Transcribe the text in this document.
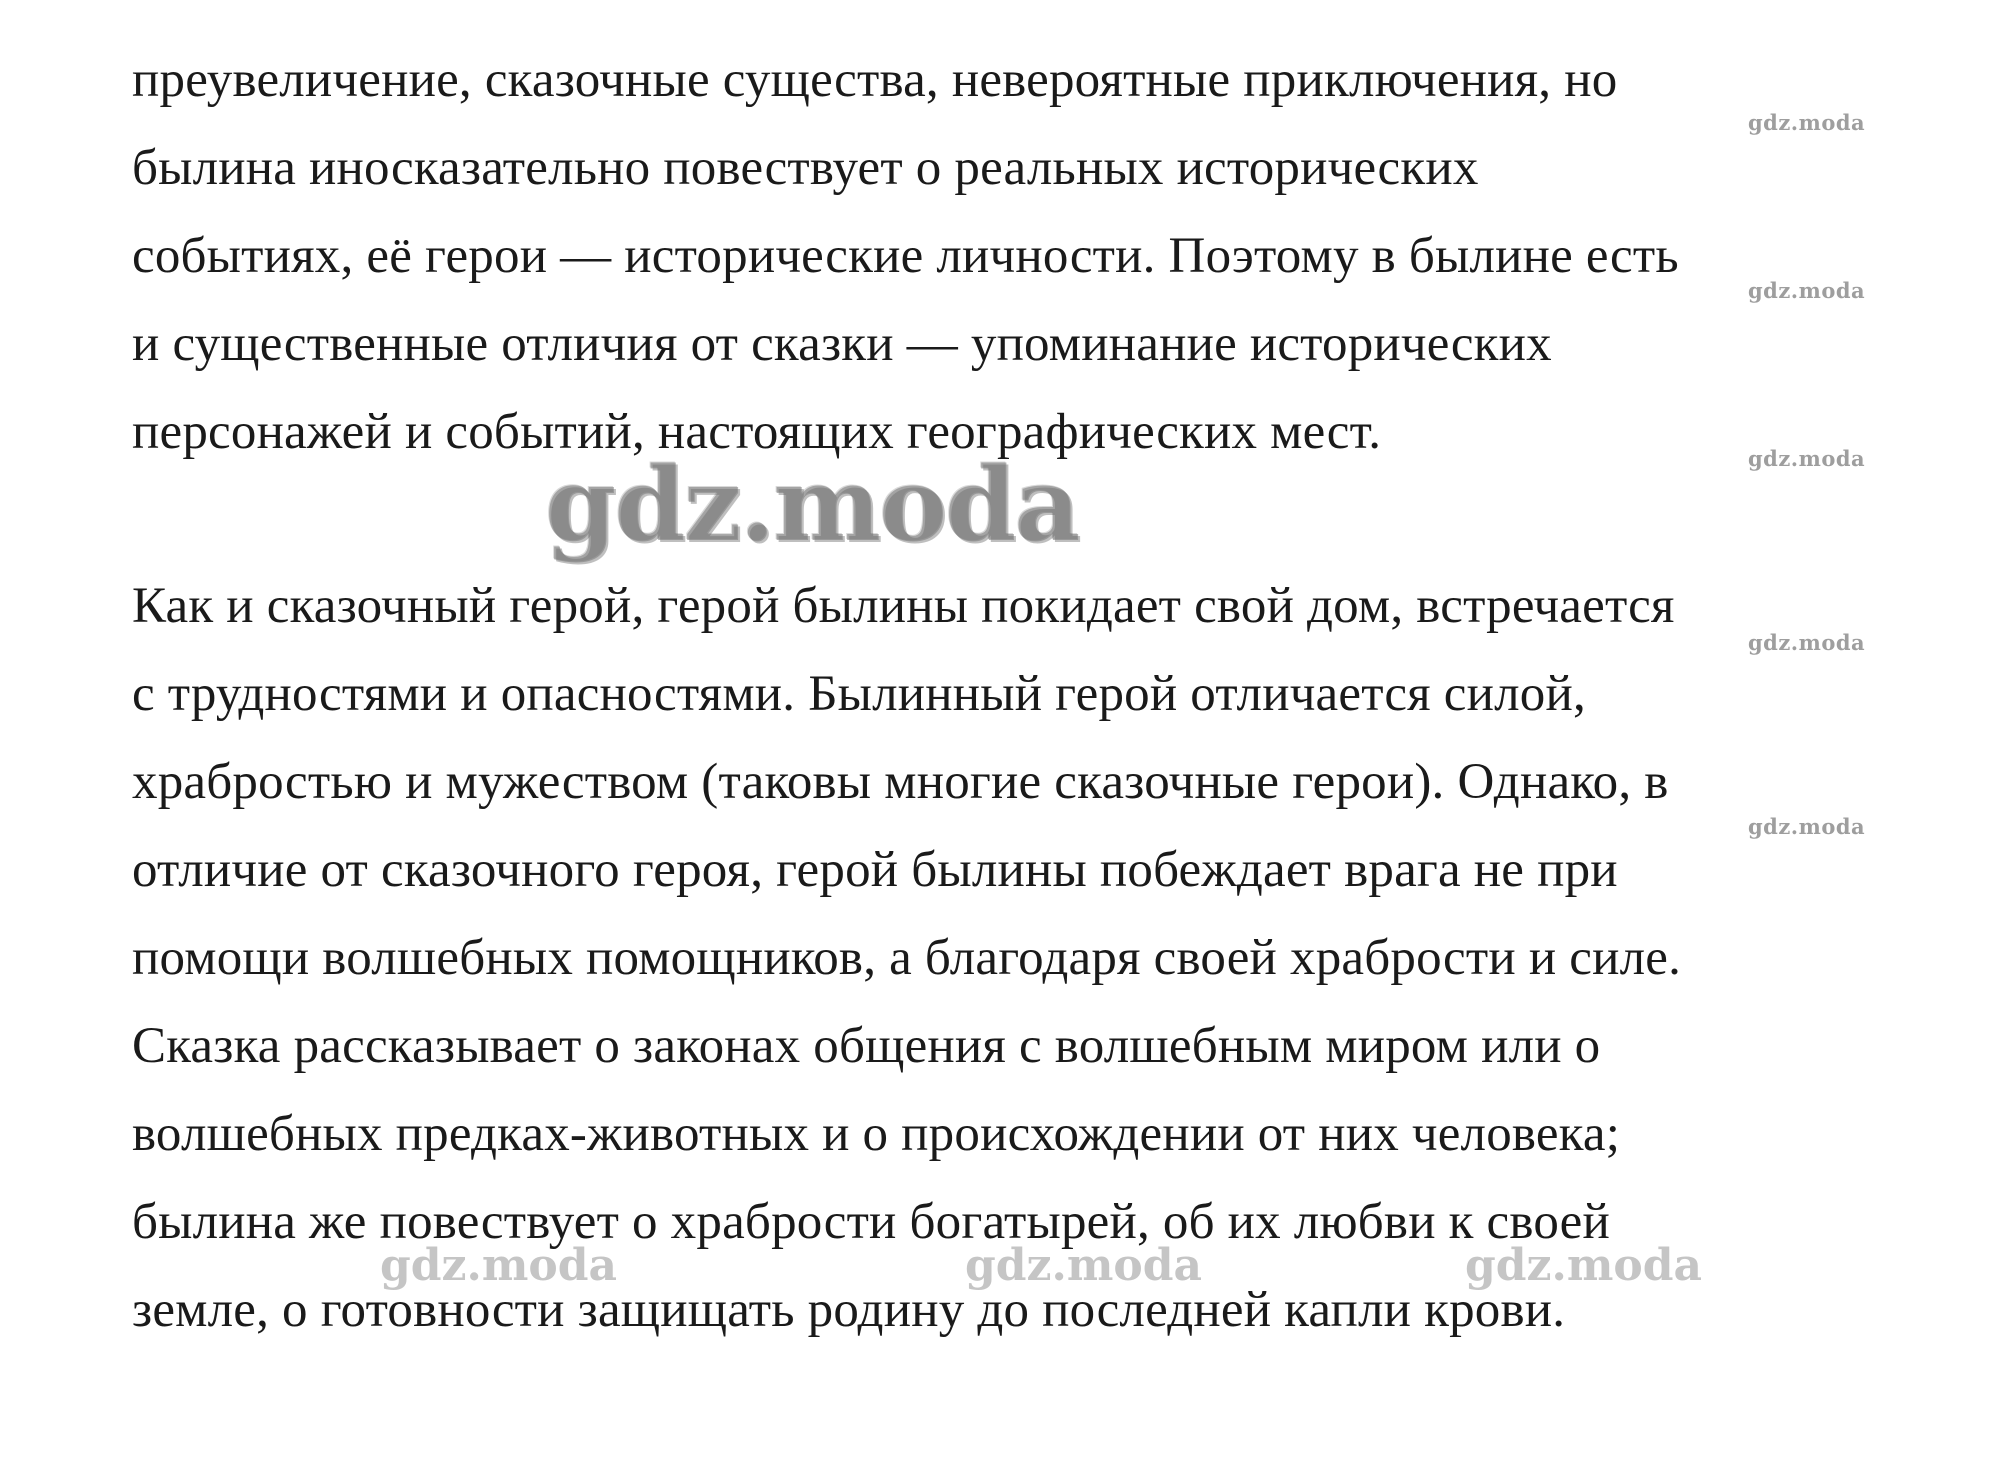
преувеличение, сказочные существа, невероятные приключения, но
былина иносказательно повествует о реальных исторических
событиях, её герои — исторические личности. Поэтому в былине есть
и существенные отличия от сказки — упоминание исторических
персонажей и событий, настоящих географических мест.
Как и сказочный герой, герой былины покидает свой дом, встречается
с трудностями и опасностями. Былинный герой отличается силой,
храбростью и мужеством (таковы многие сказочные герои). Однако, в
отличие от сказочного героя, герой былины побеждает врага не при
помощи волшебных помощников, а благодаря своей храбрости и силе.
Сказка рассказывает о законах общения с волшебным миром или о
волшебных предках-животных и о происхождении от них человека;
былина же повествует о храбрости богатырей, об их любви к своей
земле, о готовности защищать родину до последней капли крови.
gdz.moda
gdz.moda
gdz.moda
gdz.moda
gdz.moda
gdz.moda
gdz.moda	gdz.moda	gdz.moda
